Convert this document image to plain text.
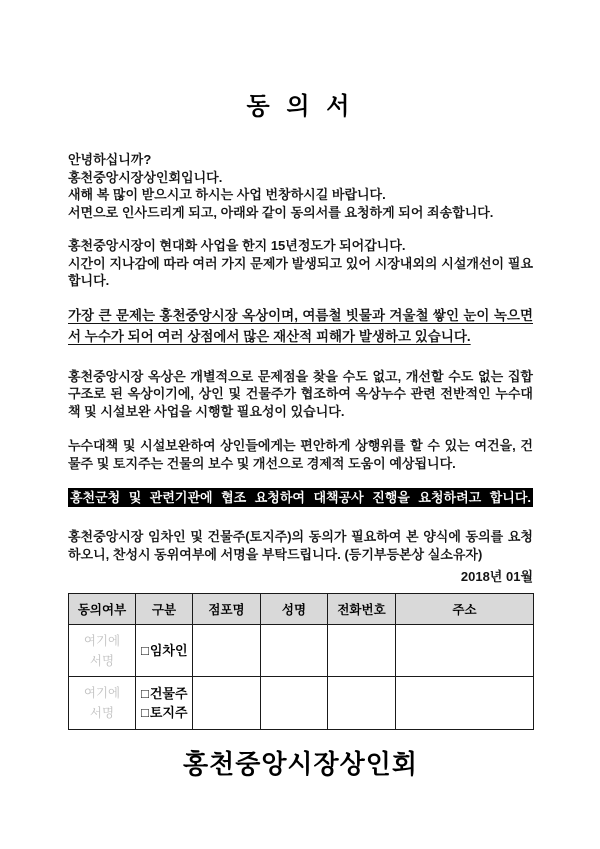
동 의 서
안녕하십니까?
홍천중앙시장상인회입니다.
새해 복 많이 받으시고 하시는 사업 번창하시길 바랍니다.
서면으로 인사드리게 되고, 아래와 같이 동의서를 요청하게 되어 죄송합니다.
홍천중앙시장이 현대화 사업을 한지 15년정도가 되어갑니다.
시간이 지나감에 따라 여러 가지 문제가 발생되고 있어 시장내외의 시설개선이 필요합니다.
가장 큰 문제는 홍천중앙시장 옥상이며, 여름철 빗물과 겨울철 쌓인 눈이 녹으면서 누수가 되어 여러 상점에서 많은 재산적 피해가 발생하고 있습니다.
홍천중앙시장 옥상은 개별적으로 문제점을 찾을 수도 없고, 개선할 수도 없는 집합구조로 된 옥상이기에, 상인 및 건물주가 협조하여 옥상누수 관련 전반적인 누수대책 및 시설보완 사업을 시행할 필요성이 있습니다.
누수대책 및 시설보완하여 상인들에게는 편안하게 상행위를 할 수 있는 여건을, 건물주 및 토지주는 건물의 보수 및 개선으로 경제적 도움이 예상됩니다.
홍천군청 및 관련기관에 협조 요청하여 대책공사 진행을 요청하려고 합니다.
홍천중앙시장 임차인 및 건물주(토지주)의 동의가 필요하여 본 양식에 동의를 요청하오니, 찬성시 동위여부에 서명을 부탁드립니다. (등기부등본상 실소유자)
2018년 01월
동의여부	구분	점포명	성명	전화번호	주소

여기에
서명	□ 임차인				

여기에
서명	□ 건물주
□ 토지주				

홍천중앙시장상인회
